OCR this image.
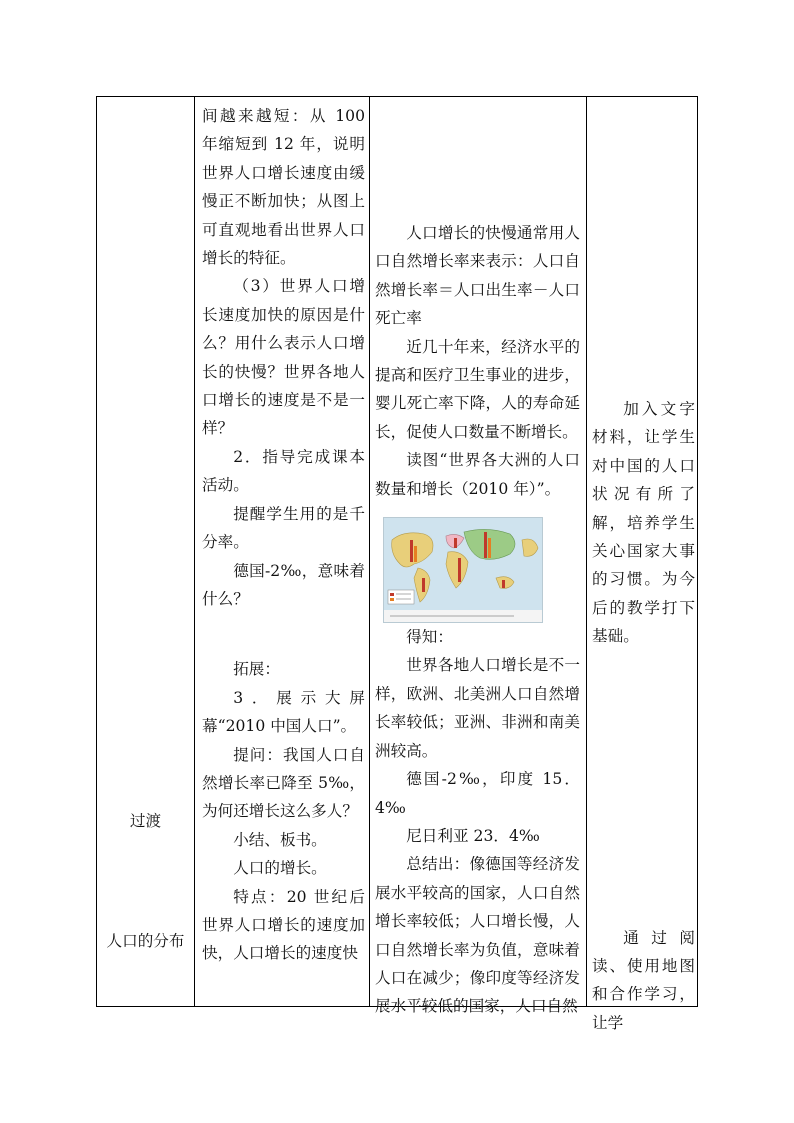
过渡
人口的分布

间越来越短：从 100 年缩短到 12 年，说明世界人口增长速度由缓慢正不断加快；从图上可直观地看出世界人口增长的特征。

（3）世界人口增长速度加快的原因是什么？用什么表示人口增长的快慢？世界各地人口增长的速度是不是一样？

2．指导完成课本活动。

提醒学生用的是千分率。

德国-2‰，意味着什么？

拓展：

3．展示大屏幕“2010 中国人口”。

提问：我国人口自然增长率已降至 5‰，为何还增长这么多人？

小结、板书。

人口的增长。

特点：20 世纪后世界人口增长的速度加快，人口增长的速度快

人口增长的快慢通常用人口自然增长率来表示：人口自然增长率＝人口出生率－人口死亡率

近几十年来，经济水平的提高和医疗卫生事业的进步，婴儿死亡率下降，人的寿命延长，促使人口数量不断增长。

读图“世界各大洲的人口数量和增长（2010 年）”。

得知：

世界各地人口增长是不一样，欧洲、北美洲人口自然增长率较低；亚洲、非洲和南美洲较高。

德国-2‰，印度 15．4‰

尼日利亚 23．4‰

总结出：像德国等经济发展水平较高的国家，人口自然增长率较低；人口增长慢，人口自然增长率为负值，意味着人口在减少；像印度等经济发展水平较低的国家，人口自然

加入文字材料，让学生对中国的人口状况有所了解，培养学生关心国家大事的习惯。为今后的教学打下基础。

通过阅读、使用地图和合作学习，让学
